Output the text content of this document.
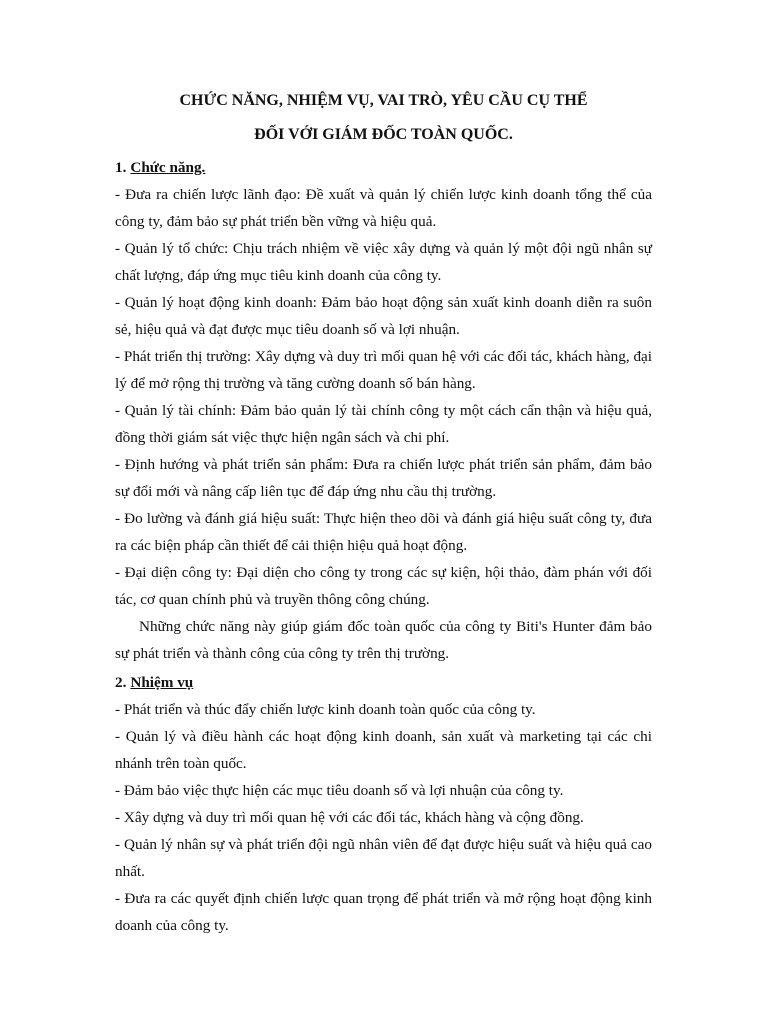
CHỨC NĂNG, NHIỆM VỤ, VAI TRÒ, YÊU CẦU CỤ THỂ
ĐỐI VỚI GIÁM ĐỐC TOÀN QUỐC.
1. Chức năng.

- Đưa ra chiến lược lãnh đạo: Đề xuất và quản lý chiến lược kinh doanh tổng thể của công ty, đảm bảo sự phát triển bền vững và hiệu quả.

- Quản lý tổ chức: Chịu trách nhiệm về việc xây dựng và quản lý một đội ngũ nhân sự chất lượng, đáp ứng mục tiêu kinh doanh của công ty.

- Quản lý hoạt động kinh doanh: Đảm bảo hoạt động sản xuất kinh doanh diễn ra suôn sẻ, hiệu quả và đạt được mục tiêu doanh số và lợi nhuận.

- Phát triển thị trường: Xây dựng và duy trì mối quan hệ với các đối tác, khách hàng, đại lý để mở rộng thị trường và tăng cường doanh số bán hàng.

- Quản lý tài chính: Đảm bảo quản lý tài chính công ty một cách cẩn thận và hiệu quả, đồng thời giám sát việc thực hiện ngân sách và chi phí.

- Định hướng và phát triển sản phẩm: Đưa ra chiến lược phát triển sản phẩm, đảm bảo sự đổi mới và nâng cấp liên tục để đáp ứng nhu cầu thị trường.

- Đo lường và đánh giá hiệu suất: Thực hiện theo dõi và đánh giá hiệu suất công ty, đưa ra các biện pháp cần thiết để cải thiện hiệu quả hoạt động.

- Đại diện công ty: Đại diện cho công ty trong các sự kiện, hội thảo, đàm phán với đối tác, cơ quan chính phủ và truyền thông công chúng.

Những chức năng này giúp giám đốc toàn quốc của công ty Biti's Hunter đảm bảo sự phát triển và thành công của công ty trên thị trường.

2. Nhiệm vụ

- Phát triển và thúc đẩy chiến lược kinh doanh toàn quốc của công ty.

- Quản lý và điều hành các hoạt động kinh doanh, sản xuất và marketing tại các chi nhánh trên toàn quốc.

- Đảm bảo việc thực hiện các mục tiêu doanh số và lợi nhuận của công ty.

- Xây dựng và duy trì mối quan hệ với các đối tác, khách hàng và cộng đồng.

- Quản lý nhân sự và phát triển đội ngũ nhân viên để đạt được hiệu suất và hiệu quả cao nhất.

- Đưa ra các quyết định chiến lược quan trọng để phát triển và mở rộng hoạt động kinh doanh của công ty.
